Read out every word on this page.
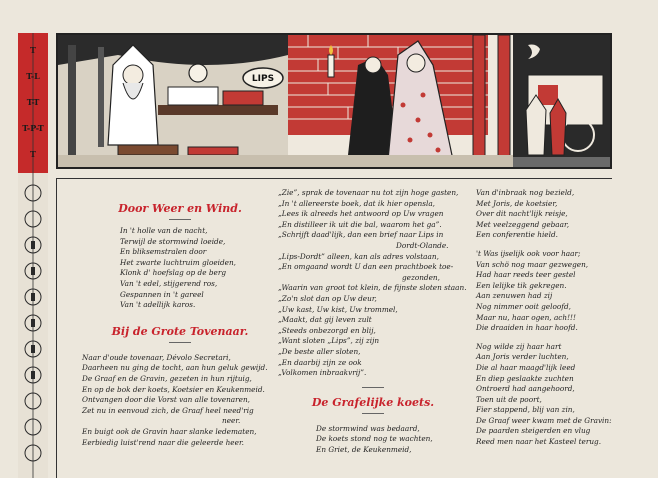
T
T-L
T-T
T-P-T
T
LIPS

Door Weer en Wind.

In 't holle van de nacht,
Terwijl de stormwind loeide,
En bliksemstralen door
Het zwarte luchtruim gloeiden,
Klonk d' hoefslag op de berg
Van 't edel, stijgerend ros,
Gespannen in 't gareel
Van 't adellijk karos.

Bij de Grote Tovenaar.

Naar d'oude tovenaar, Dévolo Secretari,
Daarheen nu ging de tocht, aan hun geluk gewijd.
De Graaf en de Gravin, gezeten in hun rijtuig,
En op de bok der koets, Koetsier en Keukenmeid.
Ontvangen door die Vorst van alle tovenaren,
Zet nu in eenvoud zich, de Graaf heel need'rig
neer.
En buigt ook de Gravin haar slanke ledematen,
Eerbiedig luist'rend naar die geleerde heer.
„Zie”, sprak de tovenaar nu tot zijn hoge gasten,
„In 't allereerste boek, dat ik hier opensla,
„Lees ik alreeds het antwoord op Uw vragen
„En distilleer ik uit die bal, waarom het ga”.
„Schrijft daad'lijk, dan een brief naar Lips in
Dordt-Olande.
„Lips-Dordt” alleen, kan als adres volstaan,
„En omgaand wordt U dan een prachtboek toe-
gezonden,
„Waarin van groot tot klein, de fijnste sloten staan.
„Zo'n slot dan op Uw deur,
„Uw kast, Uw kist, Uw trommel,
„Maakt, dat gij leven zult
„Steeds onbezorgd en blij,
„Want sloten „Lips”, zij zijn
„De beste aller sloten,
„En daarbij zijn ze ook
„Volkomen inbraakvrij”.

De Grafelijke koets.

De stormwind was bedaard,
De koets stond nog te wachten,
En Griet, de Keukenmeid,
Van d'inbraak nog bezield,
Met Joris, de koetsier,
Over dit nacht'lijk reisje,
Met veelzeggend gebaar,
Een conferentie hield.
't Was ijselijk ook voor haar;
Van schö nog maar gezwegen,
Had haar reeds teer gestel
Een lelijke tik gekregen.
Aan zenuwen had zij
Nog nimmer ooit geloofd,
Maar nu, haar ogen, ach!!!
Die draaiden in haar hoofd.
Nog wilde zij haar hart
Aan Joris verder luchten,
Die al haar maagd'lijk leed
En diep geslaakte zuchten
Ontroerd had aangehoord,
Toen uit de poort,
Fier stappend, blij van zin,
De Graaf weer kwam met de Gravin:
De paarden steigerden en vlug
Reed men naar het Kasteel terug.
